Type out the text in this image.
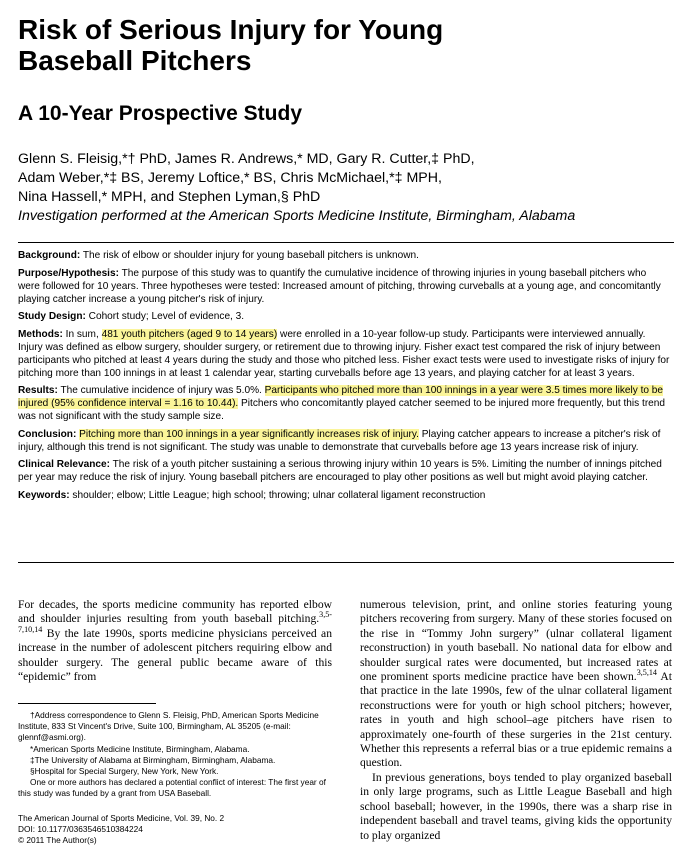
Risk of Serious Injury for Young
Baseball Pitchers
A 10-Year Prospective Study
Glenn S. Fleisig,*† PhD, James R. Andrews,* MD, Gary R. Cutter,‡ PhD,
Adam Weber,*‡ BS, Jeremy Loftice,* BS, Chris McMichael,*‡ MPH,
Nina Hassell,* MPH, and Stephen Lyman,§ PhD
Investigation performed at the American Sports Medicine Institute, Birmingham, Alabama

Background: The risk of elbow or shoulder injury for young baseball pitchers is unknown.

Purpose/Hypothesis: The purpose of this study was to quantify the cumulative incidence of throwing injuries in young baseball pitchers who were followed for 10 years. Three hypotheses were tested: Increased amount of pitching, throwing curveballs at a young age, and concomitantly playing catcher increase a young pitcher's risk of injury.

Study Design: Cohort study; Level of evidence, 3.

Methods: In sum, 481 youth pitchers (aged 9 to 14 years) were enrolled in a 10-year follow-up study. Participants were interviewed annually. Injury was defined as elbow surgery, shoulder surgery, or retirement due to throwing injury. Fisher exact test compared the risk of injury between participants who pitched at least 4 years during the study and those who pitched less. Fisher exact tests were used to investigate risks of injury for pitching more than 100 innings in at least 1 calendar year, starting curveballs before age 13 years, and playing catcher for at least 3 years.

Results: The cumulative incidence of injury was 5.0%. Participants who pitched more than 100 innings in a year were 3.5 times more likely to be injured (95% confidence interval = 1.16 to 10.44). Pitchers who concomitantly played catcher seemed to be injured more frequently, but this trend was not significant with the study sample size.

Conclusion: Pitching more than 100 innings in a year significantly increases risk of injury. Playing catcher appears to increase a pitcher's risk of injury, although this trend is not significant. The study was unable to demonstrate that curveballs before age 13 years increase risk of injury.

Clinical Relevance: The risk of a youth pitcher sustaining a serious throwing injury within 10 years is 5%. Limiting the number of innings pitched per year may reduce the risk of injury. Young baseball pitchers are encouraged to play other positions as well but might avoid playing catcher.

Keywords: shoulder; elbow; Little League; high school; throwing; ulnar collateral ligament reconstruction

For decades, the sports medicine community has reported elbow and shoulder injuries resulting from youth baseball pitching.$^{3,5-7,10,14}$ By the late 1990s, sports medicine physicians perceived an increase in the number of adolescent pitchers requiring elbow and shoulder surgery. The general public became aware of this “epidemic” from

†Address correspondence to Glenn S. Fleisig, PhD, American Sports Medicine Institute, 833 St Vincent's Drive, Suite 100, Birmingham, AL 35205 (e-mail: glennf@asmi.org).

*American Sports Medicine Institute, Birmingham, Alabama.

‡The University of Alabama at Birmingham, Birmingham, Alabama.

§Hospital for Special Surgery, New York, New York.

One or more authors has declared a potential conflict of interest: The first year of this study was funded by a grant from USA Baseball.

The American Journal of Sports Medicine, Vol. 39, No. 2

DOI: 10.1177/0363546510384224

© 2011 The Author(s)

numerous television, print, and online stories featuring young pitchers recovering from surgery. Many of these stories focused on the rise in “Tommy John surgery” (ulnar collateral ligament reconstruction) in youth baseball. No national data for elbow and shoulder surgical rates were documented, but increased rates at one prominent sports medicine practice have been shown.$^{3,5,14}$ At that practice in the late 1990s, few of the ulnar collateral ligament reconstructions were for youth or high school pitchers; however, rates in youth and high school–age pitchers have risen to approximately one-fourth of these surgeries in the 21st century. Whether this represents a referral bias or a true epidemic remains a question.

In previous generations, boys tended to play organized baseball in only large programs, such as Little League Baseball and high school baseball; however, in the 1990s, there was a sharp rise in independent baseball and travel teams, giving kids the opportunity to play organized
